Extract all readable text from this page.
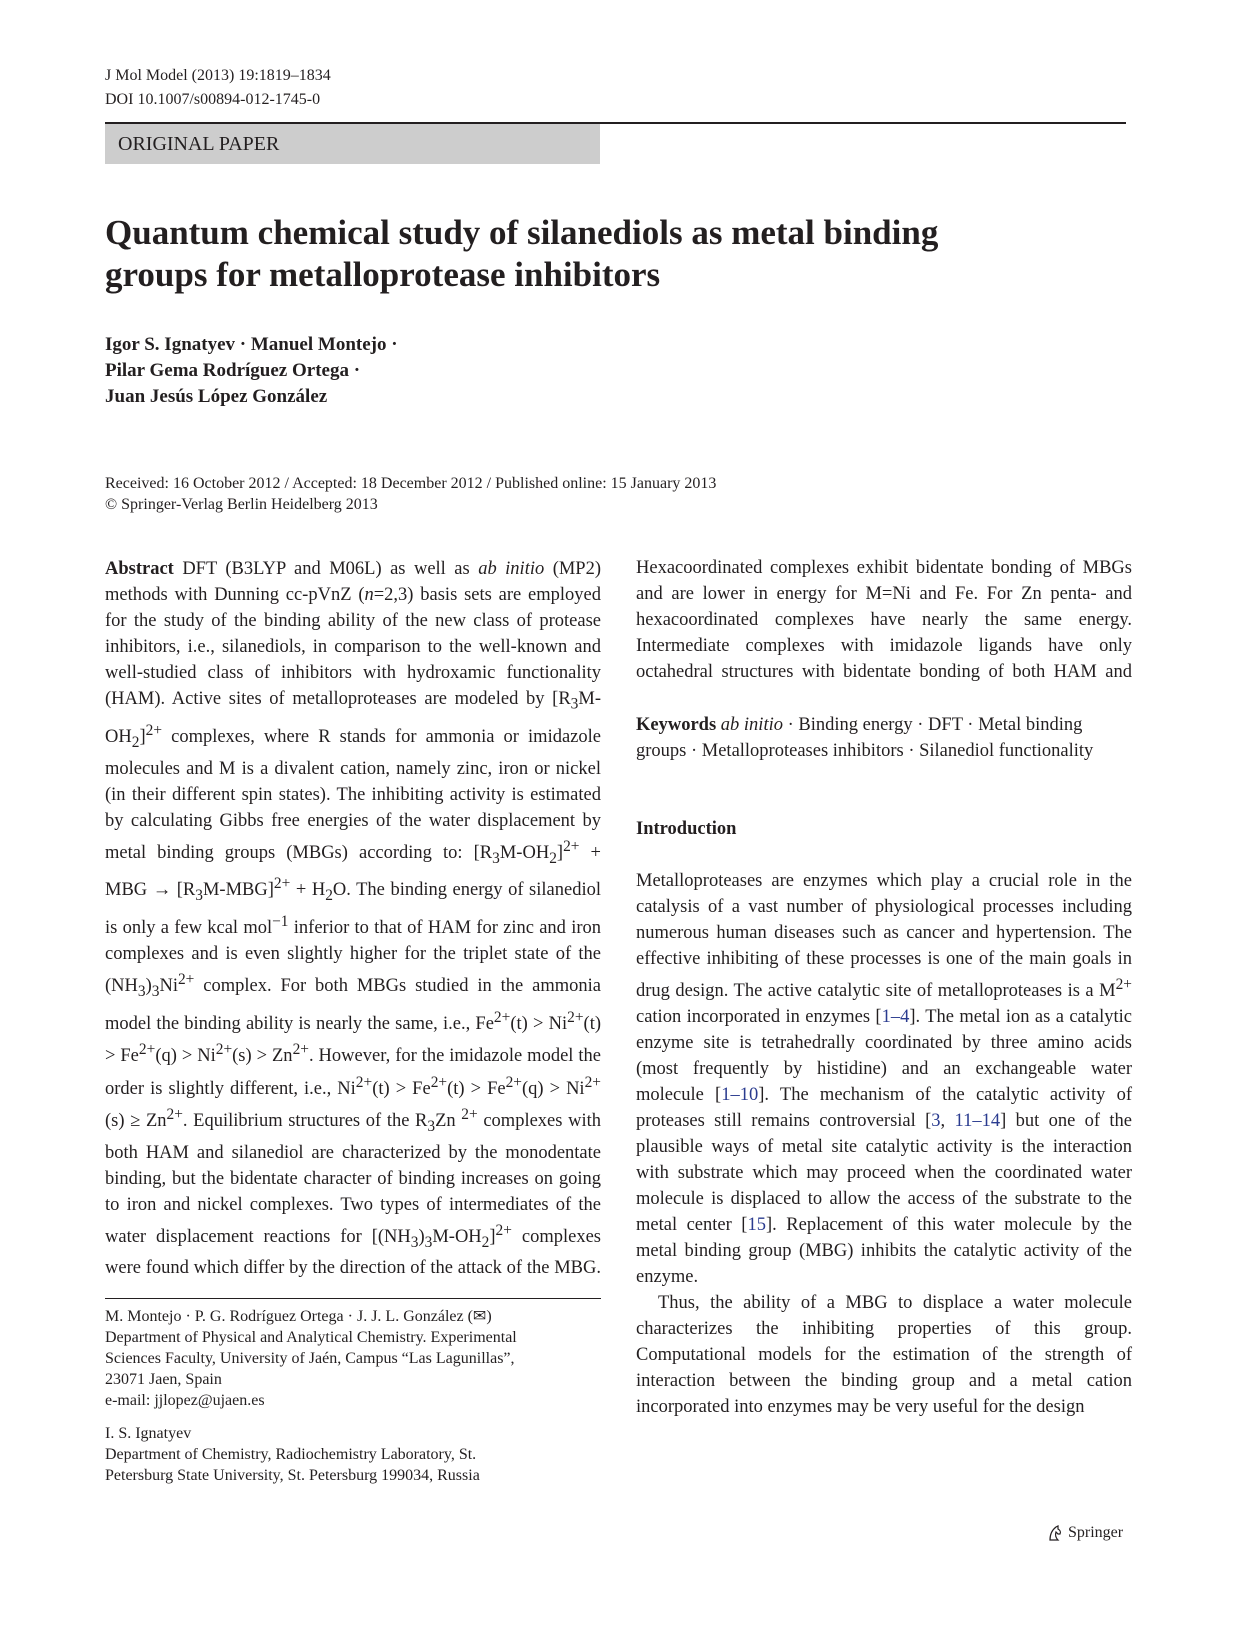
J Mol Model (2013) 19:1819–1834
DOI 10.1007/s00894-012-1745-0
ORIGINAL PAPER
Quantum chemical study of silanediols as metal binding
groups for metalloprotease inhibitors
Igor S. Ignatyev · Manuel Montejo ·
Pilar Gema Rodríguez Ortega ·
Juan Jesús López González
Received: 16 October 2012 / Accepted: 18 December 2012 / Published online: 15 January 2013
© Springer-Verlag Berlin Heidelberg 2013

Abstract DFT (B3LYP and M06L) as well as ab initio (MP2) methods with Dunning cc-pVnZ (n=2,3) basis sets are employed for the study of the binding ability of the new class of protease inhibitors, i.e., silanediols, in comparison to the well-known and well-studied class of inhibitors with hydroxamic functionality (HAM). Active sites of metalloproteases are modeled by $[R_3M-OH_2]^{2+}$ complexes, where R stands for ammonia or imidazole molecules and M is a divalent cation, namely zinc, iron or nickel (in their different spin states). The inhibiting activity is estimated by calculating Gibbs free energies of the water displacement by metal binding groups (MBGs) according to: $[R_3M-OH_2]^{2+}$ + MBG → $[R_3M-MBG]^{2+} + H_2O$. The binding energy of silanediol is only a few kcal mol$^{-1}$ inferior to that of HAM for zinc and iron complexes and is even slightly higher for the triplet state of the $(NH_3)_3Ni^{2+}$ complex. For both MBGs studied in the ammonia model the binding ability is nearly the same, i.e., $Fe^{2+}(t) > Ni^{2+}(t) > Fe^{2+}(q) > Ni^{2+}(s) > Zn^{2+}$. However, for the imidazole model the order is slightly different, i.e., $Ni^{2+}(t) > Fe^{2+}(t) > Fe^{2+}(q) > Ni^{2+}(s) \ge Zn^{2+}$. Equilibrium structures of the $R_3Zn$ $^{2+}$ complexes with both HAM and silanediol are characterized by the monodentate binding, but the bidentate character of binding increases on going to iron and nickel complexes. Two types of intermediates of the water displacement reactions for $[(NH_3)_3M-OH_2]^{2+}$ complexes were found which differ by the direction of the attack of the MBG.

Hexacoordinated complexes exhibit bidentate bonding of MBGs and are lower in energy for M=Ni and Fe. For Zn penta- and hexacoordinated complexes have nearly the same energy. Intermediate complexes with imidazole ligands have only octahedral structures with bidentate bonding of both HAM and

Keywords ab initio · Binding energy · DFT · Metal binding groups · Metalloproteases inhibitors · Silanediol functionality

Introduction

Metalloproteases are enzymes which play a crucial role in the catalysis of a vast number of physiological processes including numerous human diseases such as cancer and hypertension. The effective inhibiting of these processes is one of the main goals in drug design. The active catalytic site of metalloproteases is a $M^{2+}$ cation incorporated in enzymes [1–4]. The metal ion as a catalytic enzyme site is tetrahedrally coordinated by three amino acids (most frequently by histidine) and an exchangeable water molecule [1–10]. The mechanism of the catalytic activity of proteases still remains controversial [3, 11–14] but one of the plausible ways of metal site catalytic activity is the interaction with substrate which may proceed when the coordinated water molecule is displaced to allow the access of the substrate to the metal center [15]. Replacement of this water molecule by the metal binding group (MBG) inhibits the catalytic activity of the enzyme.

Thus, the ability of a MBG to displace a water molecule characterizes the inhibiting properties of this group. Computational models for the estimation of the strength of interaction between the binding group and a metal cation incorporated into enzymes may be very useful for the design

M. Montejo · P. G. Rodríguez Ortega · J. J. L. González (✉)
Department of Physical and Analytical Chemistry. Experimental
Sciences Faculty, University of Jaén, Campus “Las Lagunillas”,
23071 Jaen, Spain
e-mail: jjlopez@ujaen.es
I. S. Ignatyev
Department of Chemistry, Radiochemistry Laboratory, St.
Petersburg State University, St. Petersburg 199034, Russia
Springer
